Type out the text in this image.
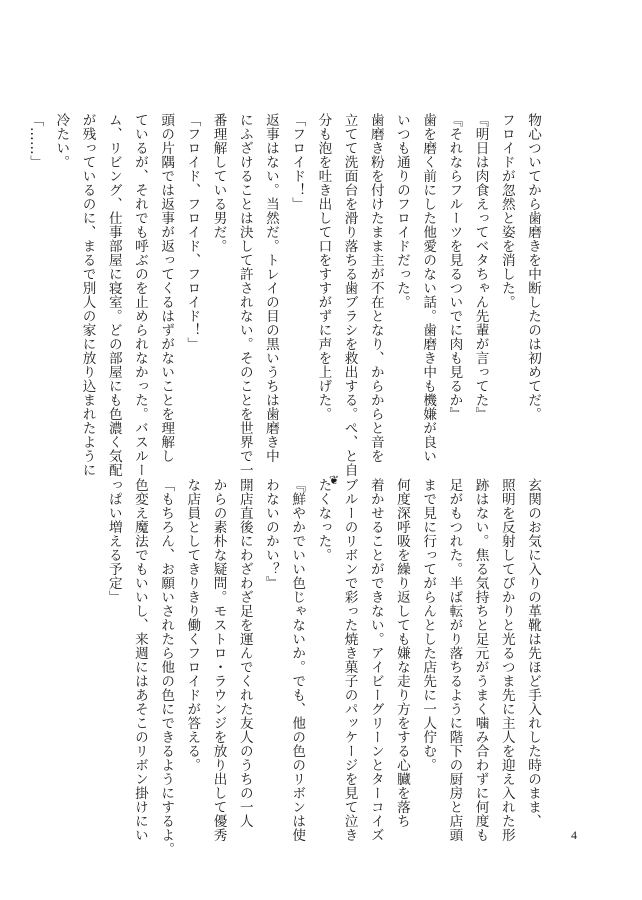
物心ついてから歯磨きを中断したのは初めてだ。
フロイドが忽然と姿を消した。
『明日は肉食えってベタちゃん先輩が言ってた』
『それならフルーツを見るついでに肉も見るか』
歯を磨く前にした他愛のない話。歯磨き中も機嫌が良い
いつも通りのフロイドだった。
歯磨き粉を付けたまま主が不在となり、からからと音を
立てて洗面台を滑り落ちる歯ブラシを救出する。ぺ、と自
分も泡を吐き出して口をすすがずに声を上げた。
「フロイド！」
返事はない。当然だ。トレイの目の黒いうちは歯磨き中
にふざけることは決して許されない。そのことを世界で一
番理解している男だ。
「フロイド、フロイド、フロイド！」
頭の片隅では返事が返ってくるはずがないことを理解し
ているが、それでも呼ぶのを止められなかった。バスルー
ム、リビング、仕事部屋に寝室。どの部屋にも色濃く気配
が残っているのに、まるで別人の家に放り込まれたように
冷たい。
「……」
❦	玄関のお気に入りの革靴は先ほど手入れした時のまま、
照明を反射してぴかりと光るつま先に主人を迎え入れた形
跡はない。焦る気持ちと足元がうまく噛み合わずに何度も
足がもつれた。半ば転がり落ちるように階下の厨房と店頭
まで見に行ってがらんとした店先に一人佇む。
何度深呼吸を繰り返しても嫌な走り方をする心臓を落ち
着かせることができない。アイビーグリーンとターコイズ
ブルーのリボンで彩った焼き菓子のパッケージを見て泣き
たくなった。
『鮮やかでいい色じゃないか。でも、他の色のリボンは使
わないのかい？』
開店直後にわざわざ足を運んでくれた友人のうちの一人
からの素朴な疑問。モストロ・ラウンジを放り出して優秀
な店員としてきりきり働くフロイドが答える。
「もちろん、お願いされたら他の色にできるようにするよ。
色変え魔法でもいいし、来週にはあそこのリボン掛けにい
っぱい増える予定」
4
